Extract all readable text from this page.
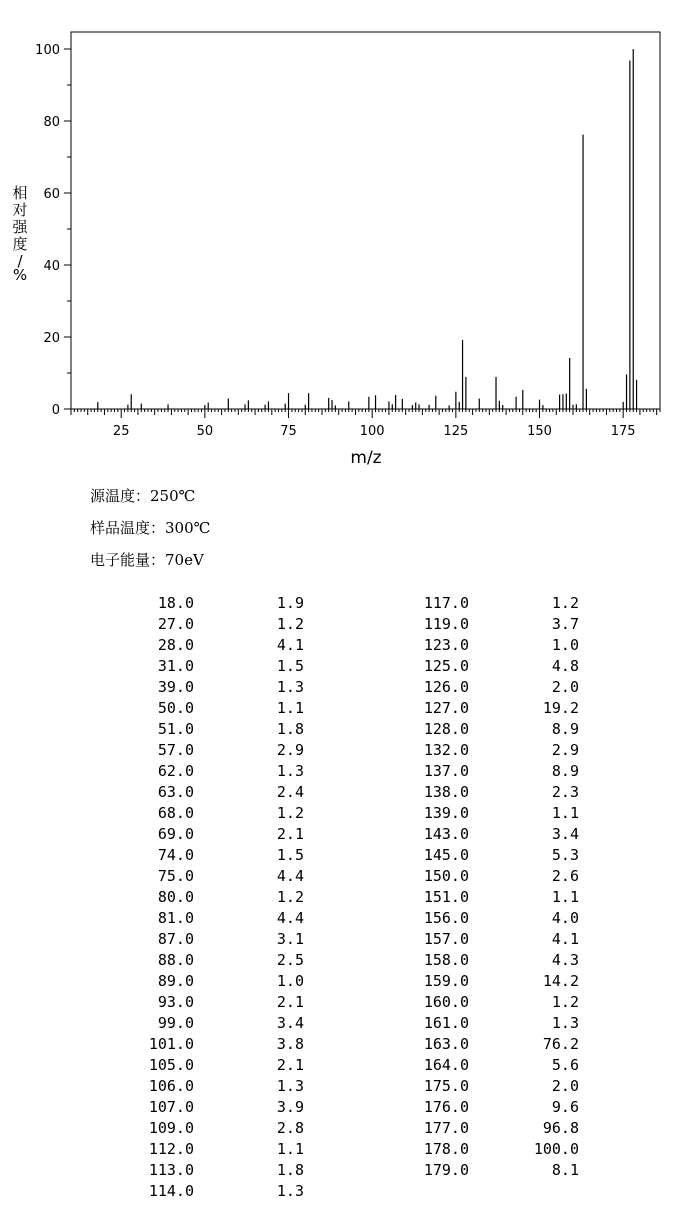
0
20
40
60
80
100
25	50	75	100	125	150	175
m/z
相对强度/ %
源温度：250℃
样品温度：300℃
电子能量：70eV
18.0	1.9
27.0	1.2
28.0	4.1
31.0	1.5
39.0	1.3
50.0	1.1
51.0	1.8
57.0	2.9
62.0	1.3
63.0	2.4
68.0	1.2
69.0	2.1
74.0	1.5
75.0	4.4
80.0	1.2
81.0	4.4
87.0	3.1
88.0	2.5
89.0	1.0
93.0	2.1
99.0	3.4
101.0	3.8
105.0	2.1
106.0	1.3
107.0	3.9
109.0	2.8
112.0	1.1
113.0	1.8
114.0	1.3
117.0	1.2
119.0	3.7
123.0	1.0
125.0	4.8
126.0	2.0
127.0	19.2
128.0	8.9
132.0	2.9
137.0	8.9
138.0	2.3
139.0	1.1
143.0	3.4
145.0	5.3
150.0	2.6
151.0	1.1
156.0	4.0
157.0	4.1
158.0	4.3
159.0	14.2
160.0	1.2
161.0	1.3
163.0	76.2
164.0	5.6
175.0	2.0
176.0	9.6
177.0	96.8
178.0	100.0
179.0	8.1
